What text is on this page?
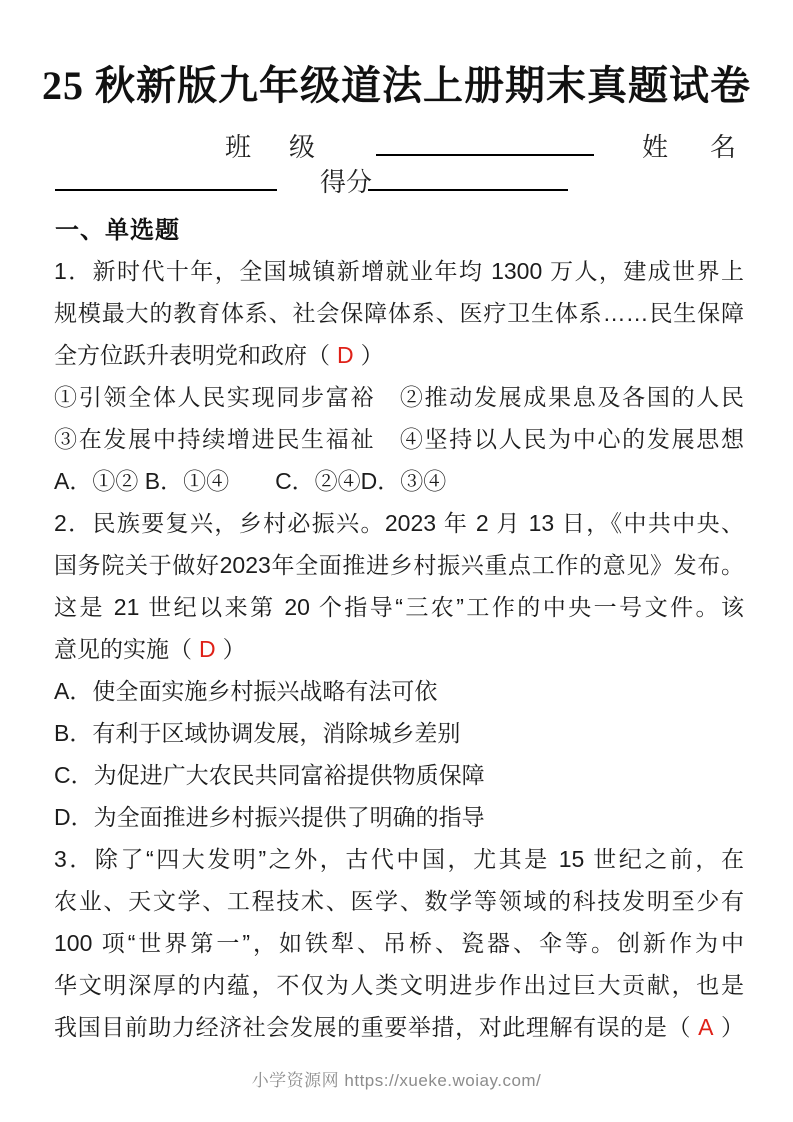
25 秋新版九年级道法上册期末真题试卷
班　级	姓　名
得分
一、单选题
1．新时代十年，全国城镇新增就业年均 1300 万人，建成世界上
规模最大的教育体系、社会保障体系、医疗卫生体系……民生保障
全方位跃升表明党和政府（ D ）
①引领全体人民实现同步富裕　②推动发展成果息及各国的人民
③在发展中持续增进民生福祉　④坚持以人民为中心的发展思想
A．①② B．①④　　C．②④D．③④
2．民族要复兴，乡村必振兴。2023 年 2 月 13 日，《中共中央、
国务院关于做好2023年全面推进乡村振兴重点工作的意见》发布。
这是 21 世纪以来第 20 个指导“三农”工作的中央一号文件。该
意见的实施（ D ）
A．使全面实施乡村振兴战略有法可依
B．有利于区域协调发展，消除城乡差别
C．为促进广大农民共同富裕提供物质保障
D．为全面推进乡村振兴提供了明确的指导
3．除了“四大发明”之外，古代中国，尤其是 15 世纪之前，在
农业、天文学、工程技术、医学、数学等领域的科技发明至少有
100 项“世界第一”，如铁犁、吊桥、瓷器、伞等。创新作为中
华文明深厚的内蕴，不仅为人类文明进步作出过巨大贡献，也是
我国目前助力经济社会发展的重要举措，对此理解有误的是（ A ）
小学资源网 https://xueke.woiay.com/
